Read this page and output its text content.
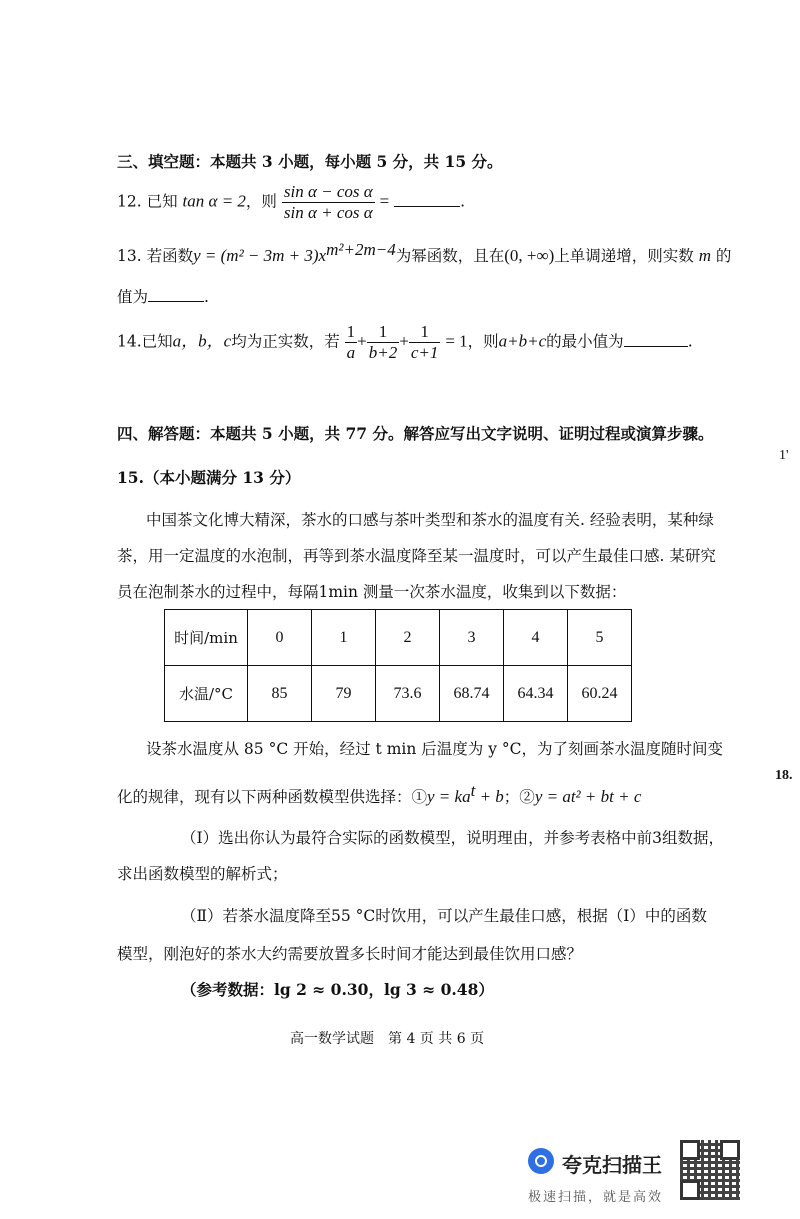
三、填空题：本题共 3 小题，每小题 5 分，共 15 分。
12. 已知 tan α = 2，则 $\frac{\text{sin α − cos α}}{\text{sin α + cos α}}$ =	.
13. 若函数$y = (m^2 - 3m + 3)x^{m^2+2m-4}$为幂函数，且在(0, +∞)上单调递增，则实数 m 的
值为	.
14.已知a，b，c均为正实数，若 $\frac{1}{a} + \frac{1}{b+2} + \frac{1}{c+1} = 1$，则a+b+c的最小值为	.
四、解答题：本题共 5 小题，共 77 分。解答应写出文字说明、证明过程或演算步骤。
15.（本小题满分 13 分）
中国茶文化博大精深，茶水的口感与茶叶类型和茶水的温度有关. 经验表明，某种绿
茶，用一定温度的水泡制，再等到茶水温度降至某一温度时，可以产生最佳口感. 某研究
员在泡制茶水的过程中，每隔1min 测量一次茶水温度，收集到以下数据：
时间/min	0	1	2	3	4	5
水温/°C	85	79	73.6	68.74	64.34	60.24
设茶水温度从 85 °C 开始，经过 t min 后温度为 y °C，为了刻画茶水温度随时间变
化的规律，现有以下两种函数模型供选择：①y = $ka^t + b$；②y = at² + bt + c
（Ⅰ）选出你认为最符合实际的函数模型，说明理由，并参考表格中前3组数据，
求出函数模型的解析式；
（Ⅱ）若茶水温度降至55 °C时饮用，可以产生最佳口感，根据（Ⅰ）中的函数
模型，刚泡好的茶水大约需要放置多长时间才能达到最佳饮用口感？
（参考数据：lg 2 ≈ 0.30，lg 3 ≈ 0.48）
高一数学试题　第 4 页 共 6 页
1'
18.
夸克扫描王
极速扫描，就是高效
